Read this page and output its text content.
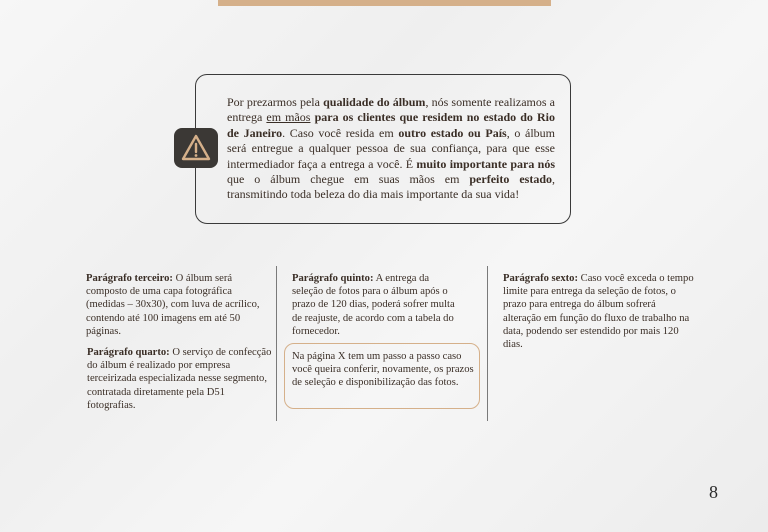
Por prezarmos pela qualidade do álbum, nós somente realizamos a entrega em mãos para os clientes que residem no estado do Rio de Janeiro. Caso você resida em outro estado ou País, o álbum será entregue a qualquer pessoa de sua confiança, para que esse intermediador faça a entrega a você. É muito importante para nós que o álbum chegue em suas mãos em perfeito estado, transmitindo toda beleza do dia mais importante da sua vida!
Parágrafo terceiro: O álbum será composto de uma capa fotográfica (medidas – 30x30), com luva de acrílico, contendo até 100 imagens em até 50 páginas.
Parágrafo quarto: O serviço de confecção do álbum é realizado por empresa terceirizada especializada nesse segmento, contratada diretamente pela D51 fotografias.
Parágrafo quinto: A entrega da seleção de fotos para o álbum após o prazo de 120 dias, poderá sofrer multa de reajuste, de acordo com a tabela do fornecedor.
Na página X tem um passo a passo caso você queira conferir, novamente, os prazos de seleção e disponibilização das fotos.
Parágrafo sexto: Caso você exceda o tempo limite para entrega da seleção de fotos, o prazo para entrega do álbum sofrerá alteração em função do fluxo de trabalho na data, podendo ser estendido por mais 120 dias.
8
